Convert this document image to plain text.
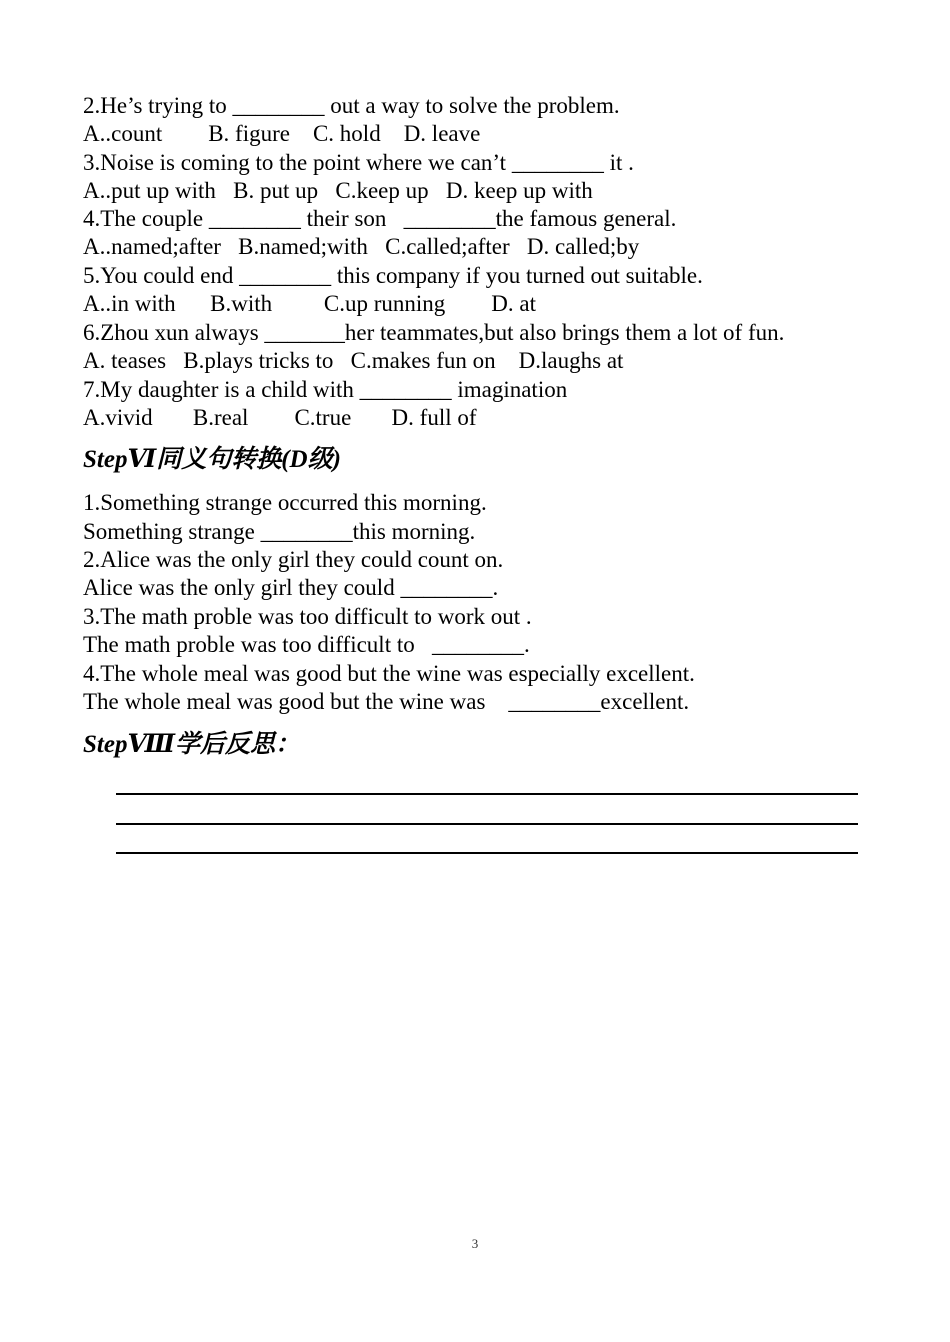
2.He’s trying to ________ out a way to solve the problem.
A..count        B. figure    C. hold    D. leave
3.Noise is coming to the point where we can’t ________ it .
A..put up with   B. put up   C.keep up   D. keep up with
4.The couple ________ their son   ________the famous general.
A..named;after   B.named;with   C.called;after   D. called;by
5.You could end ________ this company if you turned out suitable.
A..in with      B.with         C.up running        D. at
6.Zhou xun always _______her teammates,but also brings them a lot of fun.
A. teases   B.plays tricks to   C.makes fun on    D.laughs at
7.My daughter is a child with ________ imagination
A.vivid       B.real        C.true       D. full of
StepⅥ同义句转换(D级)
1.Something strange occurred this morning.
Something strange ________this morning.
2.Alice was the only girl they could count on.
Alice was the only girl they could ________.
3.The math proble was too difficult to work out .
The math proble was too difficult to   ________.
4.The whole meal was good but the wine was especially excellent.
The whole meal was good but the wine was    ________excellent.
StepⅧ学后反思：
3
